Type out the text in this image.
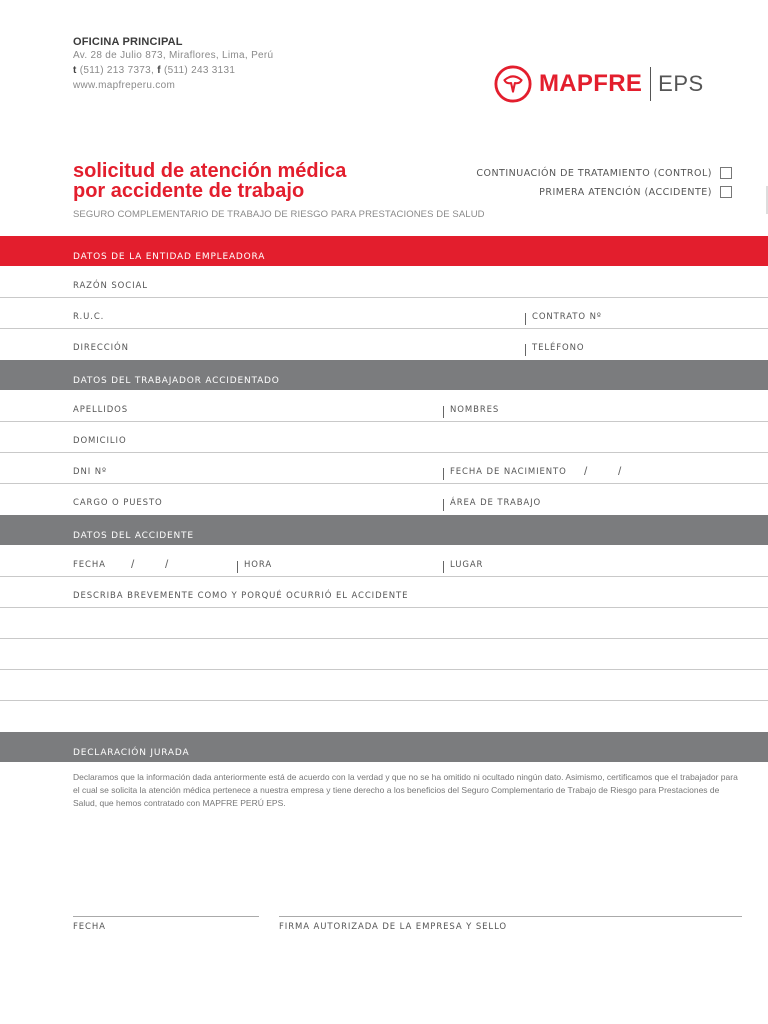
OFICINA PRINCIPAL
Av. 28 de Julio 873, Miraflores, Lima, Perú
t (511) 213 7373, f (511) 243 3131
www.mapfreperu.com	MAPFRE EPS
solicitud de atención médica
por accidente de trabajo
SEGURO COMPLEMENTARIO DE TRABAJO DE RIESGO PARA PRESTACIONES DE SALUD
CONTINUACIÓN DE TRATAMIENTO (CONTROL)
PRIMERA ATENCIÓN (ACCIDENTE)
DATOS DE LA ENTIDAD EMPLEADORA
RAZÓN SOCIAL
R.U.C.	CONTRATO Nº
DIRECCIÓN	TELÉFONO
DATOS DEL TRABAJADOR ACCIDENTADO
APELLIDOS	NOMBRES
DOMICILIO
DNI Nº	FECHA DE NACIMIENTO /	/
CARGO O PUESTO	ÁREA DE TRABAJO
DATOS DEL ACCIDENTE
FECHA /	/	HORA	LUGAR
DESCRIBA BREVEMENTE COMO Y PORQUÉ OCURRIÓ EL ACCIDENTE
DECLARACIÓN JURADA
Declaramos que la información dada anteriormente está de acuerdo con la verdad y que no se ha omitido ni ocultado ningún dato. Asimismo, certificamos que el trabajador para el cual se solicita la atención médica pertenece a nuestra empresa y tiene derecho a los beneficios del Seguro Complementario de Trabajo de Riesgo para Prestaciones de Salud, que hemos contratado con MAPFRE PERÚ EPS.
FECHA	FIRMA AUTORIZADA DE LA EMPRESA Y SELLO
